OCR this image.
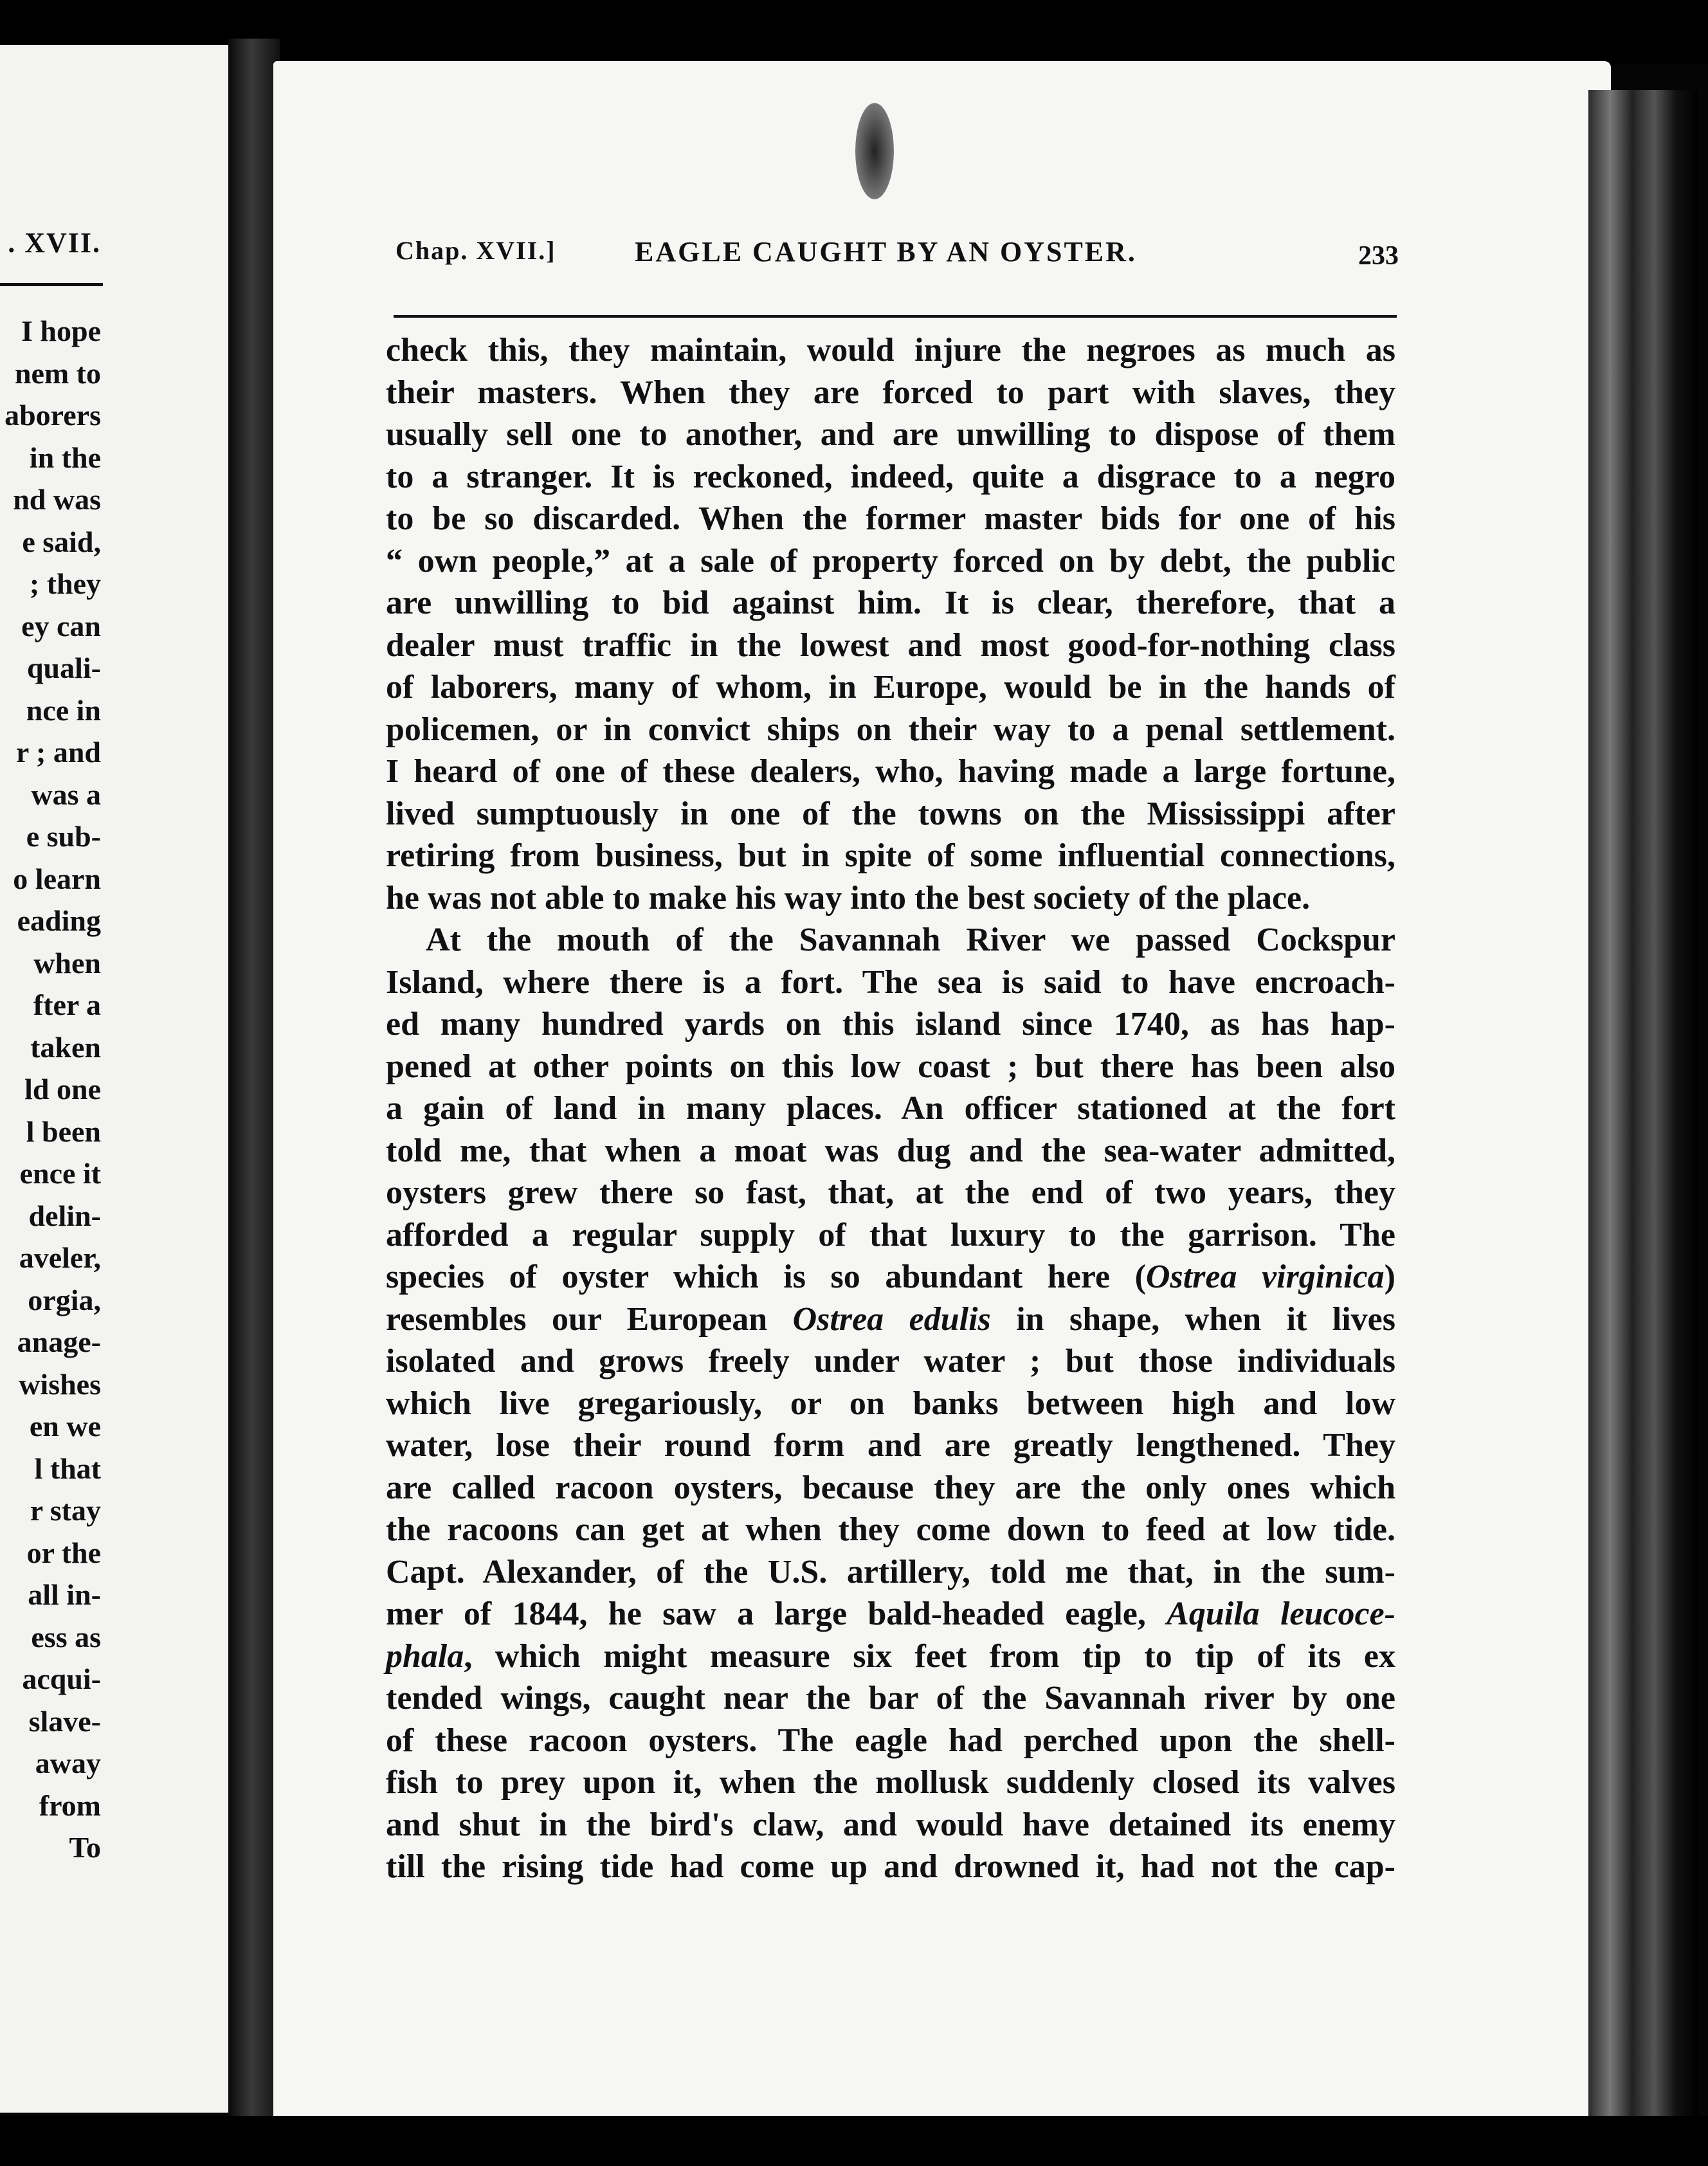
. XVII.
I hope
nem to
aborers
in the
nd was
e said,
; they
ey can
quali-
nce in
r ; and
was a
e sub-
o learn
eading
when
fter a
taken
ld one
l been
ence it
delin-
aveler,
orgia,
anage-
wishes
en we
l that
r stay
or the
all in-
ess as
acqui-
slave-
away
from
To
Chap. XVII.]	EAGLE CAUGHT BY AN OYSTER.	233
check this, they maintain, would injure the negroes as much as
their masters. When they are forced to part with slaves, they
usually sell one to another, and are unwilling to dispose of them
to a stranger. It is reckoned, indeed, quite a disgrace to a negro
to be so discarded. When the former master bids for one of his
“ own people,” at a sale of property forced on by debt, the public
are unwilling to bid against him. It is clear, therefore, that a
dealer must traffic in the lowest and most good-for-nothing class
of laborers, many of whom, in Europe, would be in the hands of
policemen, or in convict ships on their way to a penal settlement.
I heard of one of these dealers, who, having made a large fortune,
lived sumptuously in one of the towns on the Mississippi after
retiring from business, but in spite of some influential connections,
he was not able to make his way into the best society of the place.
At the mouth of the Savannah River we passed Cockspur
Island, where there is a fort. The sea is said to have encroach-
ed many hundred yards on this island since 1740, as has hap-
pened at other points on this low coast ; but there has been also
a gain of land in many places. An officer stationed at the fort
told me, that when a moat was dug and the sea-water admitted,
oysters grew there so fast, that, at the end of two years, they
afforded a regular supply of that luxury to the garrison. The
species of oyster which is so abundant here (Ostrea virginica)
resembles our European Ostrea edulis in shape, when it lives
isolated and grows freely under water ; but those individuals
which live gregariously, or on banks between high and low
water, lose their round form and are greatly lengthened. They
are called racoon oysters, because they are the only ones which
the racoons can get at when they come down to feed at low tide.
Capt. Alexander, of the U.S. artillery, told me that, in the sum-
mer of 1844, he saw a large bald-headed eagle, Aquila leucoce-
phala, which might measure six feet from tip to tip of its ex
tended wings, caught near the bar of the Savannah river by one
of these racoon oysters. The eagle had perched upon the shell-
fish to prey upon it, when the mollusk suddenly closed its valves
and shut in the bird's claw, and would have detained its enemy
till the rising tide had come up and drowned it, had not the cap-
